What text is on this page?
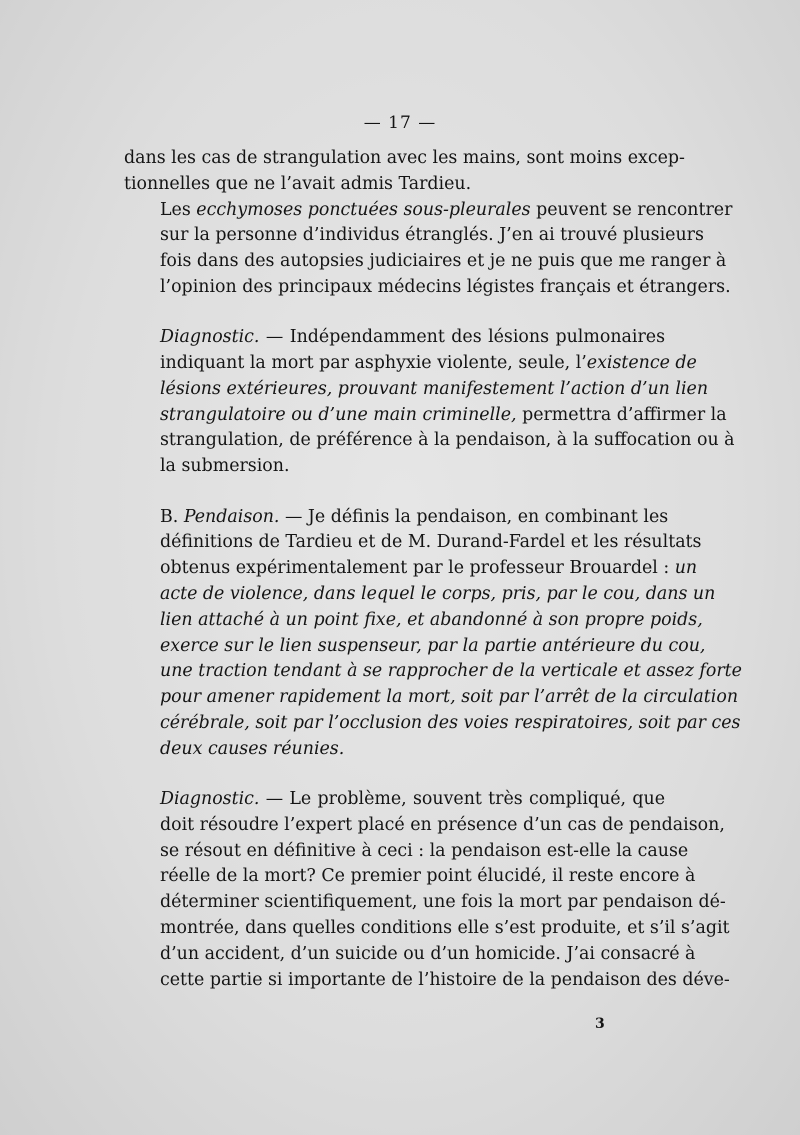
— 17 —

dans les cas de strangulation avec les mains, sont moins excep-
tionnelles que ne l’avait admis Tardieu.

Les ecchymoses ponctuées sous-pleurales peuvent se rencontrer
sur la personne d’individus étranglés. J’en ai trouvé plusieurs
fois dans des autopsies judiciaires et je ne puis que me ranger à
l’opinion des principaux médecins légistes français et étrangers.

Diagnostic. — Indépendamment des lésions pulmonaires
indiquant la mort par asphyxie violente, seule, l’existence de
lésions extérieures, prouvant manifestement l’action d’un lien
strangulatoire ou d’une main criminelle, permettra d’affirmer la
strangulation, de préférence à la pendaison, à la suffocation ou à
la submersion.

B. Pendaison. — Je définis la pendaison, en combinant les
définitions de Tardieu et de M. Durand-Fardel et les résultats
obtenus expérimentalement par le professeur Brouardel : un
acte de violence, dans lequel le corps, pris, par le cou, dans un
lien attaché à un point fixe, et abandonné à son propre poids,
exerce sur le lien suspenseur, par la partie antérieure du cou,
une traction tendant à se rapprocher de la verticale et assez forte
pour amener rapidement la mort, soit par l’arrêt de la circulation
cérébrale, soit par l’occlusion des voies respiratoires, soit par ces
deux causes réunies.

Diagnostic. — Le problème, souvent très compliqué, que
doit résoudre l’expert placé en présence d’un cas de pendaison,
se résout en définitive à ceci : la pendaison est-elle la cause
réelle de la mort? Ce premier point élucidé, il reste encore à
déterminer scientifiquement, une fois la mort par pendaison dé-
montrée, dans quelles conditions elle s’est produite, et s’il s’agit
d’un accident, d’un suicide ou d’un homicide. J’ai consacré à
cette partie si importante de l’histoire de la pendaison des déve-

3
